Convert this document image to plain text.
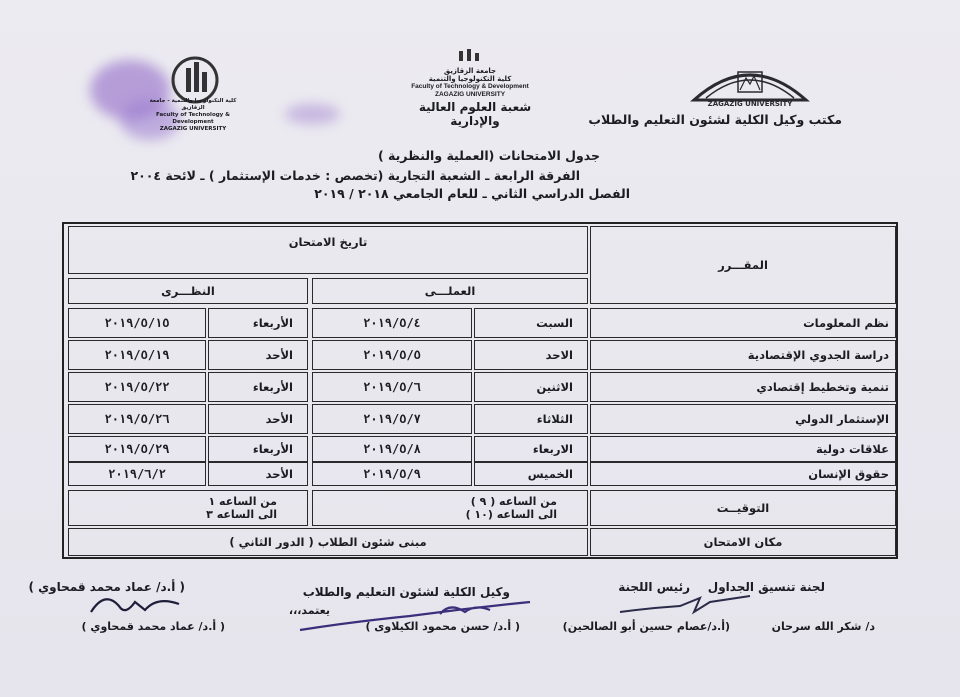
ZAGAZIG UNIVERSITY
مكتب وكيل الكلية لشئون التعليم والطلاب
جامعة الزقازيق
كلية التكنولوجيا والتنمية
Faculty of Technology & Development
ZAGAZIG UNIVERSITY
شعبة العلوم العالية والإدارية
كلية التكنولوجيا والتنمية - جامعة الزقازيق
Faculty of Technology & Development
ZAGAZIG UNIVERSITY
جدول الامتحانات (العملية والنظرية )
الفرقة الرابعة ـ الشعبة التجارية (تخصص : خدمات الإستثمار ) ـ لائحة ٢٠٠٤
الفصل الدراسي الثاني ـ للعام الجامعي ٢٠١٨ / ٢٠١٩
المقـــرر
تاريخ الامتحان
العملـــى
النظـــرى
نظم المعلومات
السبت
٢٠١٩/٥/٤
الأربعاء
٢٠١٩/٥/١٥
دراسة الجدوي الإقتصادية
الاحد
٢٠١٩/٥/٥
الأحد
٢٠١٩/٥/١٩
تنمية وتخطيط إقتصادي
الاثنين
٢٠١٩/٥/٦
الأربعاء
٢٠١٩/٥/٢٢
الإستثمار الدولي
الثلاثاء
٢٠١٩/٥/٧
الأحد
٢٠١٩/٥/٢٦
علاقات دولية
الاربعاء
٢٠١٩/٥/٨
الأربعاء
٢٠١٩/٥/٢٩
حقوق الإنسان
الخميس
٢٠١٩/٥/٩
الأحد
٢٠١٩/٦/٢
التوقيــت
من الساعه ( ٩ )
الى الساعه (١٠ )
من الساعه ١
الى الساعه ٣
مكان الامتحان
مبنى شئون الطلاب ( الدور الثاني )
لجنة تنسيق الجداول
د/ شكر الله سرحان
رئيس اللجنة
(أ.د/عصام حسين أبو الصالحين)
وكيل الكلية لشئون التعليم والطلاب
يعتمد،،،
( أ.د/ حسن محمود الكيلاوى )
( أ.د/ عماد محمد قمحاوي )
( أ.د/ عماد محمد قمحاوي )
